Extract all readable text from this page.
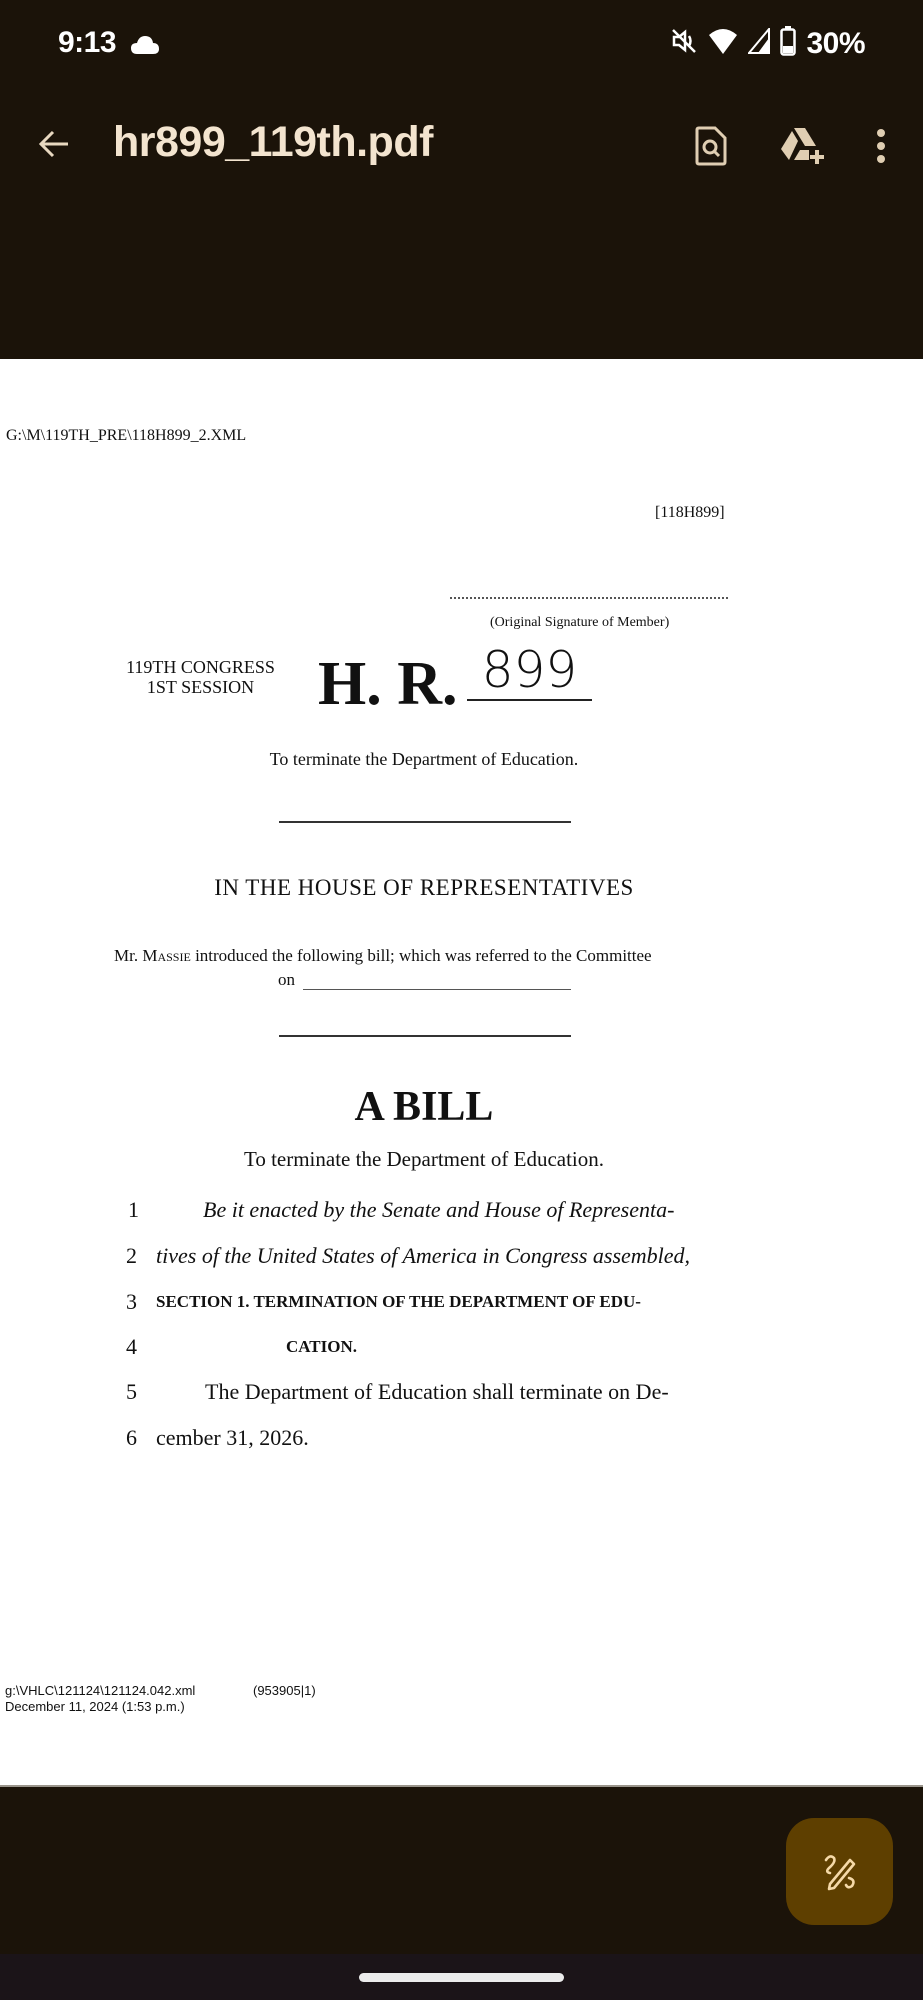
9:13	30%
hr899_119th.pdf
G:\M\119TH_PRE\118H899_2.XML
[118H899]
(Original Signature of Member)
119TH CONGRESS
1ST SESSION	H. R. 899
To terminate the Department of Education.
IN THE HOUSE OF REPRESENTATIVES
Mr. Massie introduced the following bill; which was referred to the Committee
on
A BILL
To terminate the Department of Education.
1	Be it enacted by the Senate and House of Representa-
2 tives of the United States of America in Congress assembled,
3 SECTION 1. TERMINATION OF THE DEPARTMENT OF EDU-
4	CATION.
5	The Department of Education shall terminate on De-
6 cember 31, 2026.
g:\VHLC\121124\121124.042.xml	(953905|1)
December 11, 2024 (1:53 p.m.)
